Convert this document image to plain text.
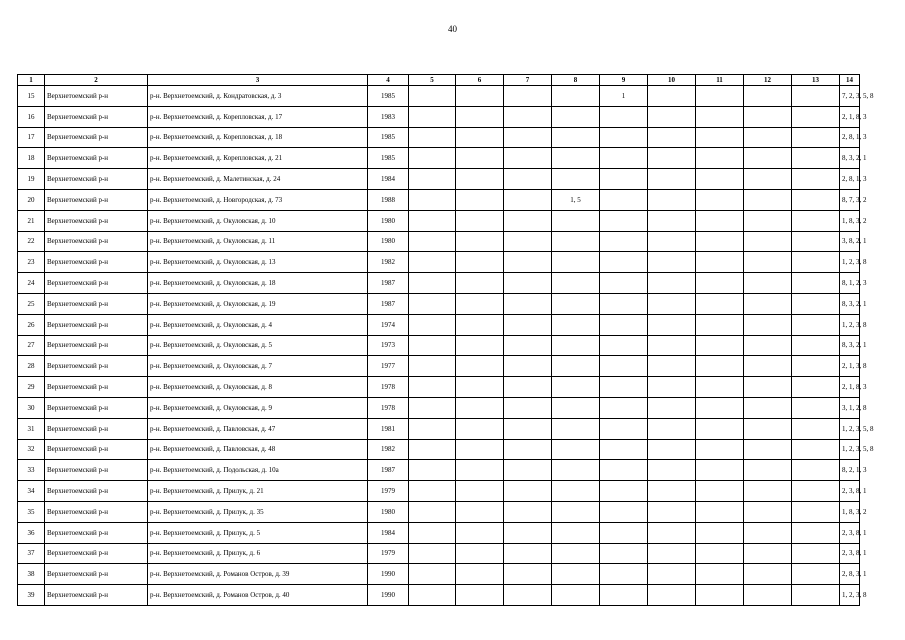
40
1	2	3	4	5	6	7	8	9	10	11	12	13	14
15	Верхнетоемский р-н	р-н. Верхнетоемский, д. Кондратовская, д. 3	1985					1					7, 2, 3, 5, 8
16	Верхнетоемский р-н	р-н. Верхнетоемский, д. Корепловская, д. 17	1983										2, 1, 8, 3
17	Верхнетоемский р-н	р-н. Верхнетоемский, д. Корепловская, д. 18	1985										2, 8, 1, 3
18	Верхнетоемский р-н	р-н. Верхнетоемский, д. Корепловская, д. 21	1985										8, 3, 2, 1
19	Верхнетоемский р-н	р-н. Верхнетоемский, д. Малетинская, д. 24	1984										2, 8, 1, 3
20	Верхнетоемский р-н	р-н. Верхнетоемский, д. Новгородская, д. 73	1988				1, 5						8, 7, 3, 2
21	Верхнетоемский р-н	р-н. Верхнетоемский, д. Окуловская, д. 10	1980										1, 8, 3, 2
22	Верхнетоемский р-н	р-н. Верхнетоемский, д. Окуловская, д. 11	1980										3, 8, 2, 1
23	Верхнетоемский р-н	р-н. Верхнетоемский, д. Окуловская, д. 13	1982										1, 2, 3, 8
24	Верхнетоемский р-н	р-н. Верхнетоемский, д. Окуловская, д. 18	1987										8, 1, 2, 3
25	Верхнетоемский р-н	р-н. Верхнетоемский, д. Окуловская, д. 19	1987										8, 3, 2, 1
26	Верхнетоемский р-н	р-н. Верхнетоемский, д. Окуловская, д. 4	1974										1, 2, 3, 8
27	Верхнетоемский р-н	р-н. Верхнетоемский, д. Окуловская, д. 5	1973										8, 3, 2, 1
28	Верхнетоемский р-н	р-н. Верхнетоемский, д. Окуловская, д. 7	1977										2, 1, 3, 8
29	Верхнетоемский р-н	р-н. Верхнетоемский, д. Окуловская, д. 8	1978										2, 1, 8, 3
30	Верхнетоемский р-н	р-н. Верхнетоемский, д. Окуловская, д. 9	1978										3, 1, 2, 8
31	Верхнетоемский р-н	р-н. Верхнетоемский, д. Павловская, д. 47	1981										1, 2, 3, 5, 8
32	Верхнетоемский р-н	р-н. Верхнетоемский, д. Павловская, д. 48	1982										1, 2, 3, 5, 8
33	Верхнетоемский р-н	р-н. Верхнетоемский, д. Подольская, д. 10а	1987										8, 2, 1, 3
34	Верхнетоемский р-н	р-н. Верхнетоемский, д. Прилук, д. 21	1979										2, 3, 8, 1
35	Верхнетоемский р-н	р-н. Верхнетоемский, д. Прилук, д. 35	1980										1, 8, 3, 2
36	Верхнетоемский р-н	р-н. Верхнетоемский, д. Прилук, д. 5	1984										2, 3, 8, 1
37	Верхнетоемский р-н	р-н. Верхнетоемский, д. Прилук, д. 6	1979										2, 3, 8, 1
38	Верхнетоемский р-н	р-н. Верхнетоемский, д. Романов Остров, д. 39	1990										2, 8, 3, 1
39	Верхнетоемский р-н	р-н. Верхнетоемский, д. Романов Остров, д. 40	1990										1, 2, 3, 8
